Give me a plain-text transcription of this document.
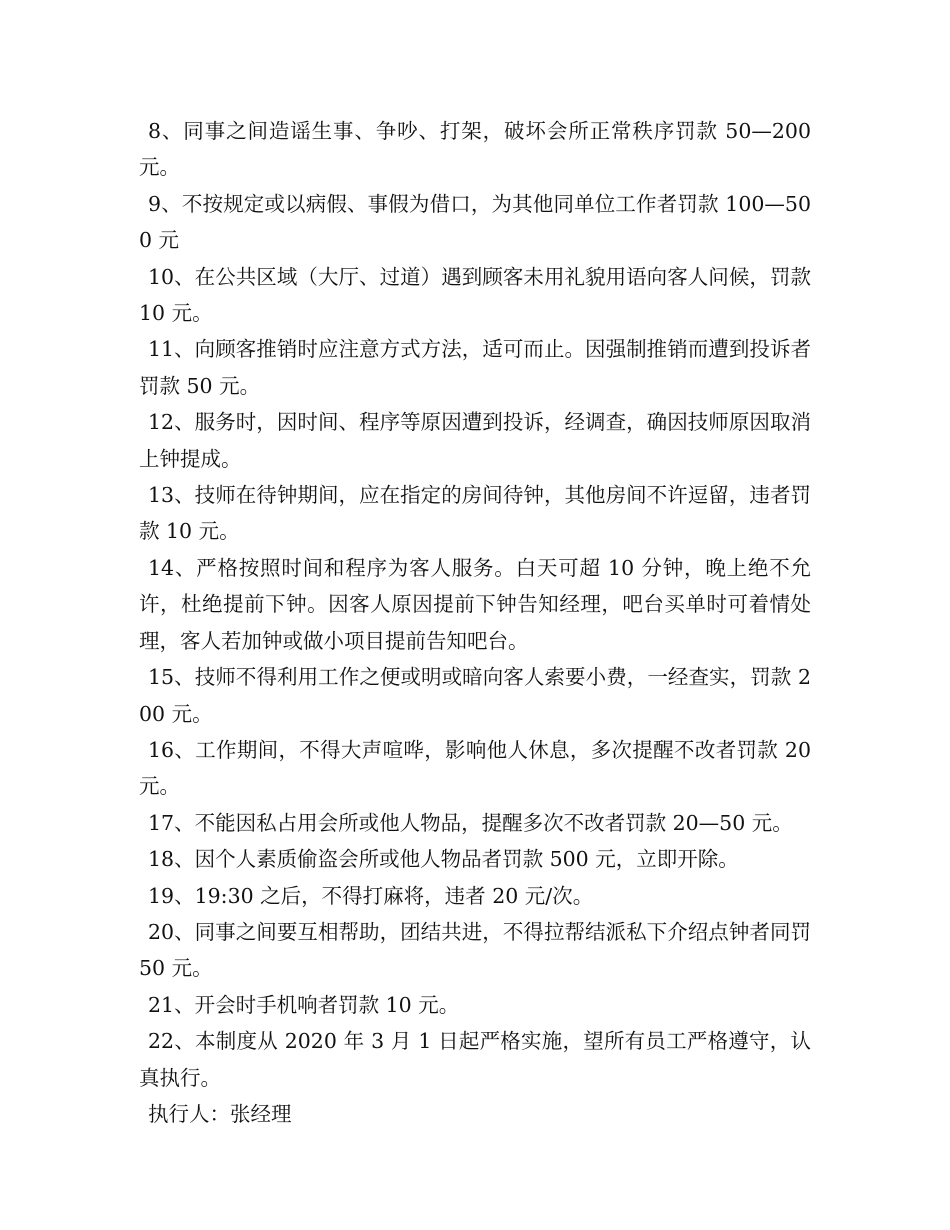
8、同事之间造谣生事、争吵、打架，破坏会所正常秩序罚款 50—200元。

9、不按规定或以病假、事假为借口，为其他同单位工作者罚款 100—500 元

10、在公共区域（大厅、过道）遇到顾客未用礼貌用语向客人问候，罚款 10 元。

11、向顾客推销时应注意方式方法，适可而止。因强制推销而遭到投诉者罚款 50 元。

12、服务时，因时间、程序等原因遭到投诉，经调查，确因技师原因取消上钟提成。

13、技师在待钟期间，应在指定的房间待钟，其他房间不许逗留，违者罚款 10 元。

14、严格按照时间和程序为客人服务。白天可超 10 分钟，晚上绝不允许，杜绝提前下钟。因客人原因提前下钟告知经理，吧台买单时可着情处理，客人若加钟或做小项目提前告知吧台。

15、技师不得利用工作之便或明或暗向客人索要小费，一经查实，罚款 200 元。

16、工作期间，不得大声喧哗，影响他人休息，多次提醒不改者罚款 20 元。

17、不能因私占用会所或他人物品，提醒多次不改者罚款 20—50 元。

18、因个人素质偷盗会所或他人物品者罚款 500 元，立即开除。

19、19:30 之后，不得打麻将，违者 20 元/次。

20、同事之间要互相帮助，团结共进，不得拉帮结派私下介绍点钟者同罚 50 元。

21、开会时手机响者罚款 10 元。

22、本制度从 2020 年 3 月 1 日起严格实施，望所有员工严格遵守，认真执行。

执行人：张经理
